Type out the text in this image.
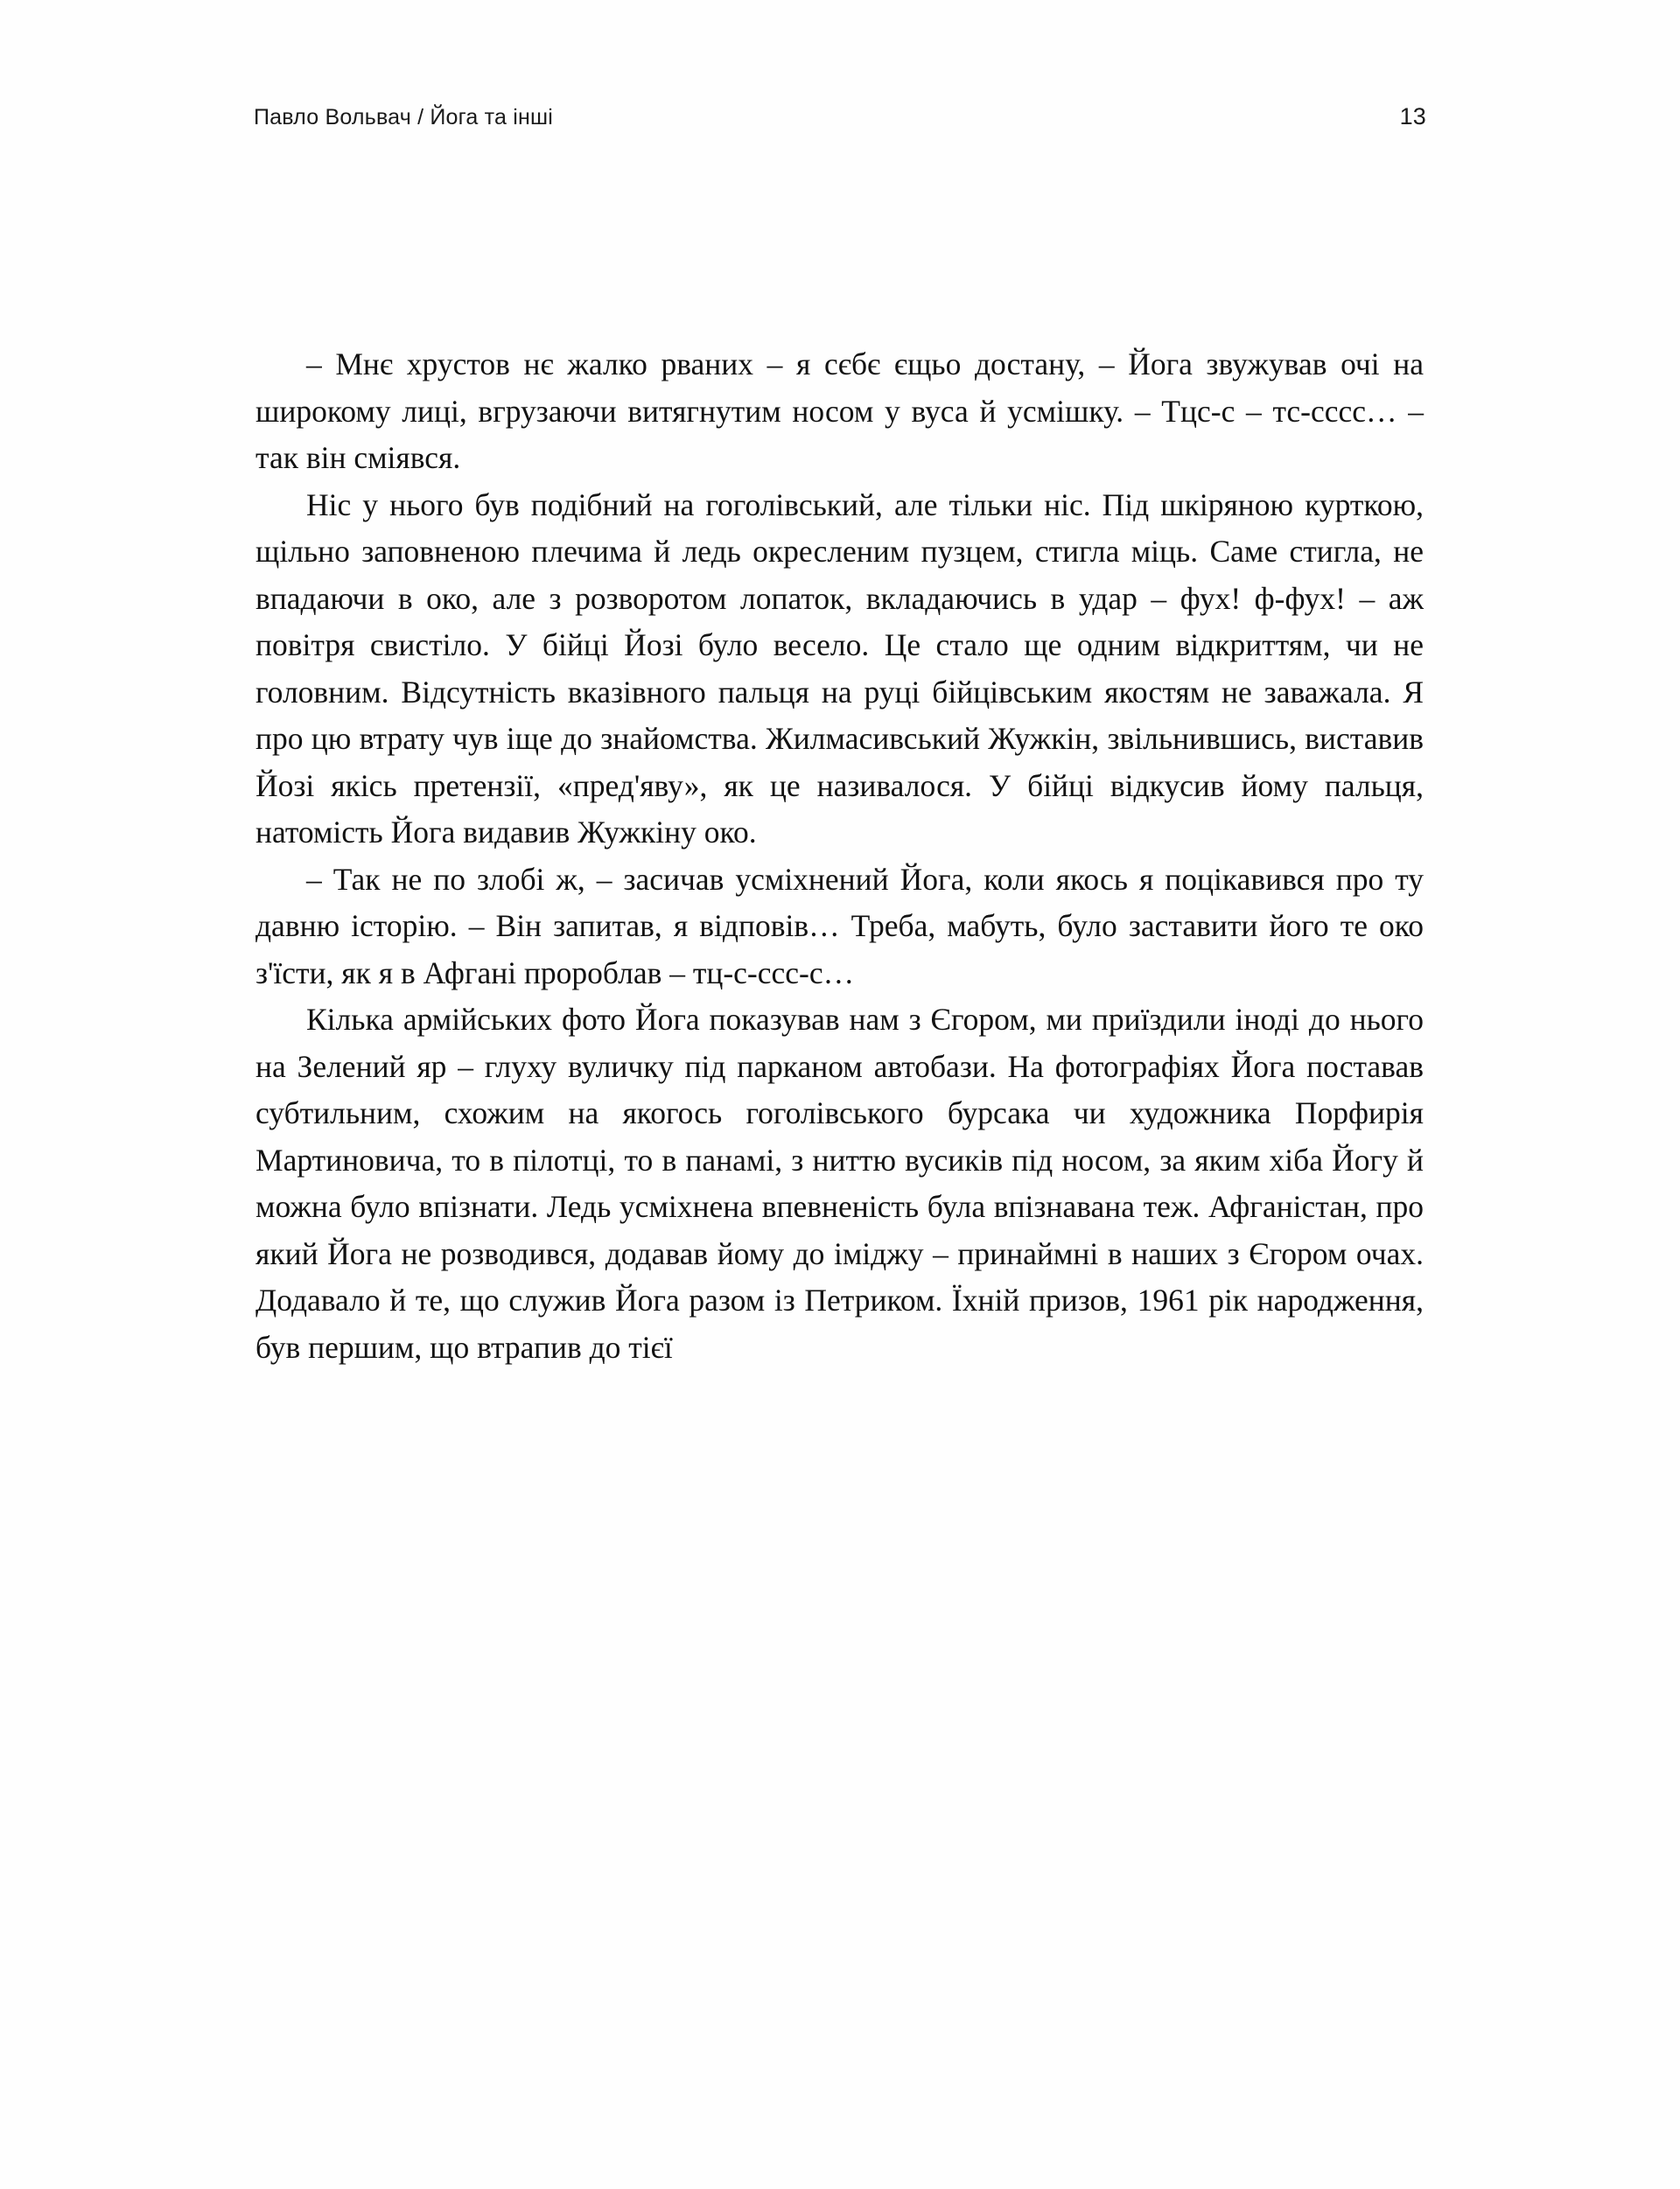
Павло Вольвач / Йога та інші	13

– Мнє хрустов нє жалко рваних – я сєбє єщьо достану, – Йога звужував очі на широкому лиці, вгрузаючи витягнутим носом у вуса й усмішку. – Тцс-с – тс-ссcс… – так він сміявся.

Ніс у нього був подібний на гоголівський, але тільки ніс. Під шкіряною курткою, щільно заповненою плечима й ледь окресленим пузцем, стигла міць. Саме стигла, не впадаючи в око, але з розворотом лопаток, вкладаючись в удар – фух! ф-фух! – аж повітря свистіло. У бійці Йозі було весело. Це стало ще одним відкриттям, чи не головним. Відсутність вказівного пальця на руці бійцівським якостям не заважала. Я про цю втрату чув іще до знайомства. Жилмасивський Жужкін, звільнившись, виставив Йозі якісь претензії, «пред'яву», як це називалося. У бійці відкусив йому пальця, натомість Йога видавив Жужкіну око.

– Так не по злобі ж, – засичав усміхнений Йога, коли якось я поцікавився про ту давню історію. – Він запитав, я відповів… Треба, мабуть, було заставити його те око з'їсти, як я в Афгані пророблав – тц-с-ссс-с…

Кілька армійських фото Йога показував нам з Єгором, ми приїздили іноді до нього на Зелений яр – глуху вуличку під парканом автобази. На фотографіях Йога поставав субтильним, схожим на якогось гоголівського бурсака чи художника Порфирія Мартиновича, то в пілотці, то в панамі, з ниттю вусиків під носом, за яким хіба Йогу й можна було впізнати. Ледь усміхнена впевненість була впізнавана теж. Афганістан, про який Йога не розводився, додавав йому до іміджу – принаймні в наших з Єгором очах. Додавало й те, що служив Йога разом із Петриком. Їхній призов, 1961 рік народження, був першим, що втрапив до тієї
